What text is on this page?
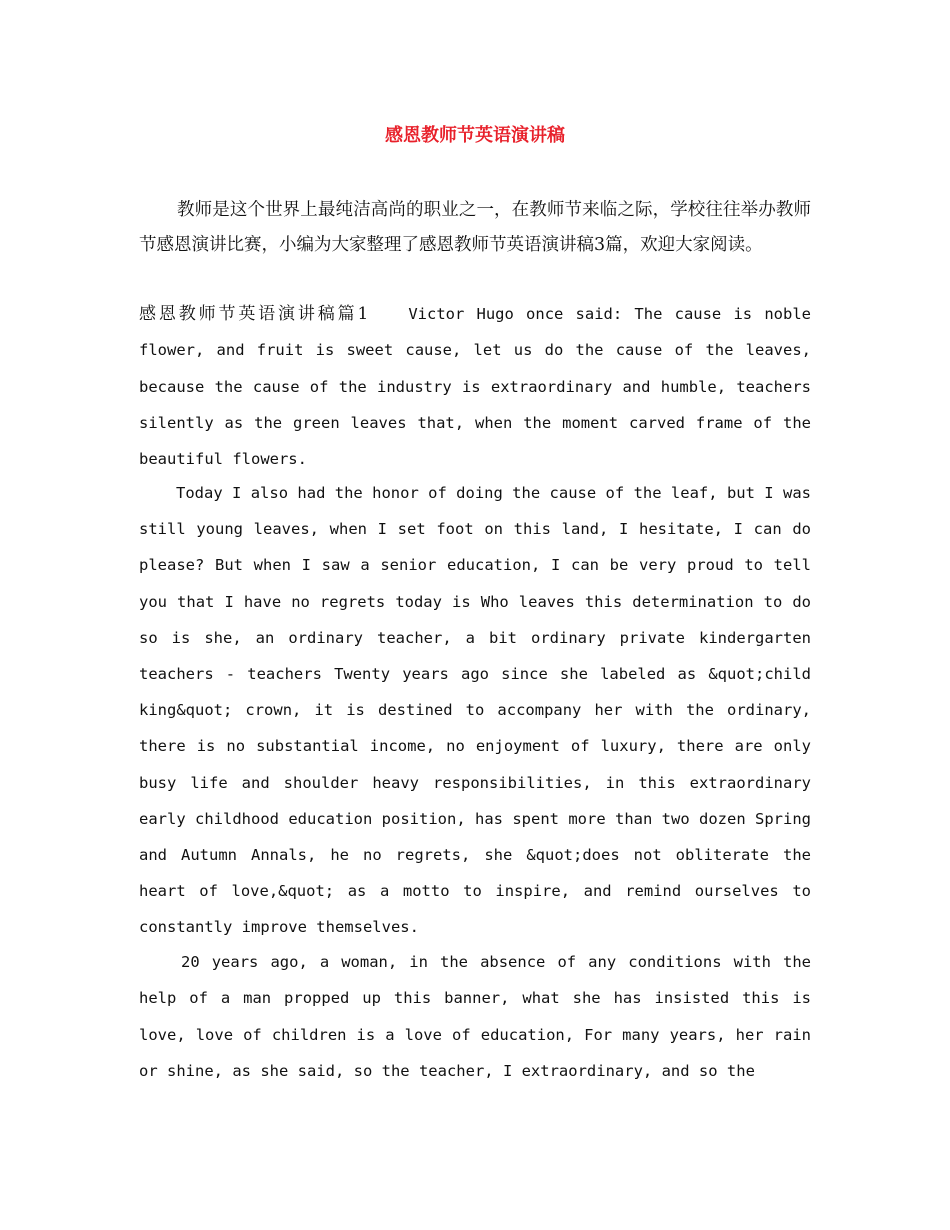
感恩教师节英语演讲稿

教师是这个世界上最纯洁高尚的职业之一，在教师节来临之际，学校往往举办教师节感恩演讲比赛，小编为大家整理了感恩教师节英语演讲稿3篇，欢迎大家阅读。

感恩教师节英语演讲稿篇1	Victor Hugo once said: The cause is noble flower, and fruit is sweet cause, let us do the cause of the leaves, because the cause of the industry is extraordinary and humble, teachers silently as the green leaves that, when the moment carved frame of the beautiful flowers.

Today I also had the honor of doing the cause of the leaf, but I was still young leaves, when I set foot on this land, I hesitate, I can do please? But when I saw a senior education, I can be very proud to tell you that I have no regrets today is Who leaves this determination to do so is she, an ordinary teacher, a bit ordinary private kindergarten teachers - teachers Twenty years ago since she labeled as &quot;child king&quot; crown, it is destined to accompany her with the ordinary, there is no substantial income, no enjoyment of luxury, there are only busy life and shoulder heavy responsibilities, in this extraordinary early childhood education position, has spent more than two dozen Spring and Autumn Annals, he no regrets, she &quot;does not obliterate the heart of love,&quot; as a motto to inspire, and remind ourselves to constantly improve themselves.

20 years ago, a woman, in the absence of any conditions with the help of a man propped up this banner, what she has insisted this is love, love of children is a love of education, For many years, her rain or shine, as she said, so the teacher, I extraordinary, and so the
